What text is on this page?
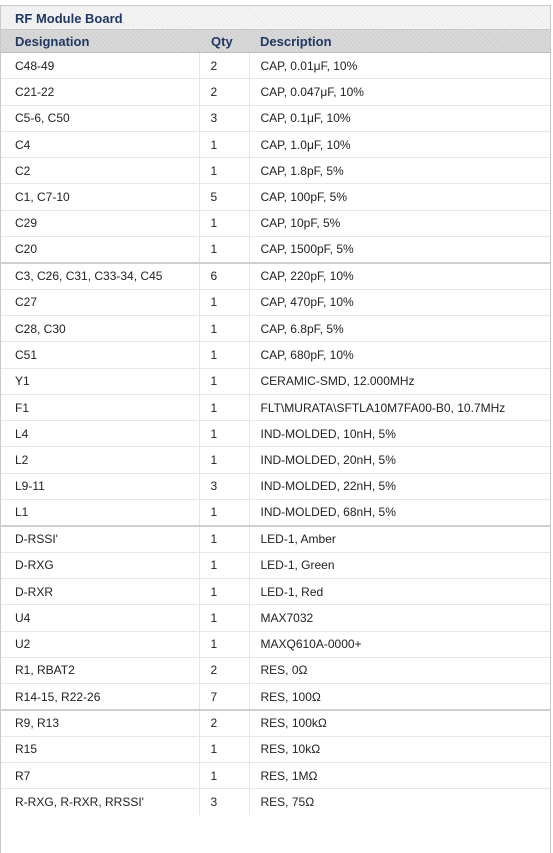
RF Module Board
Designation	Qty	Description
C48-49	2	CAP, 0.01μF, 10%
C21-22	2	CAP, 0.047μF, 10%
C5-6, C50	3	CAP, 0.1μF, 10%
C4	1	CAP, 1.0μF, 10%
C2	1	CAP, 1.8pF, 5%
C1, C7-10	5	CAP, 100pF, 5%
C29	1	CAP, 10pF, 5%
C20	1	CAP, 1500pF, 5%
C3, C26, C31, C33-34, C45	6	CAP, 220pF, 10%
C27	1	CAP, 470pF, 10%
C28, C30	1	CAP, 6.8pF, 5%
C51	1	CAP, 680pF, 10%
Y1	1	CERAMIC-SMD, 12.000MHz
F1	1	FLT\MURATA\SFTLA10M7FA00-B0, 10.7MHz
L4	1	IND-MOLDED, 10nH, 5%
L2	1	IND-MOLDED, 20nH, 5%
L9-11	3	IND-MOLDED, 22nH, 5%
L1	1	IND-MOLDED, 68nH, 5%
D-RSSI'	1	LED-1, Amber
D-RXG	1	LED-1, Green
D-RXR	1	LED-1, Red
U4	1	MAX7032
U2	1	MAXQ610A-0000+
R1, RBAT2	2	RES, 0Ω
R14-15, R22-26	7	RES, 100Ω
R9, R13	2	RES, 100kΩ
R15	1	RES, 10kΩ
R7	1	RES, 1MΩ
R-RXG, R-RXR, RRSSI'	3	RES, 75Ω
